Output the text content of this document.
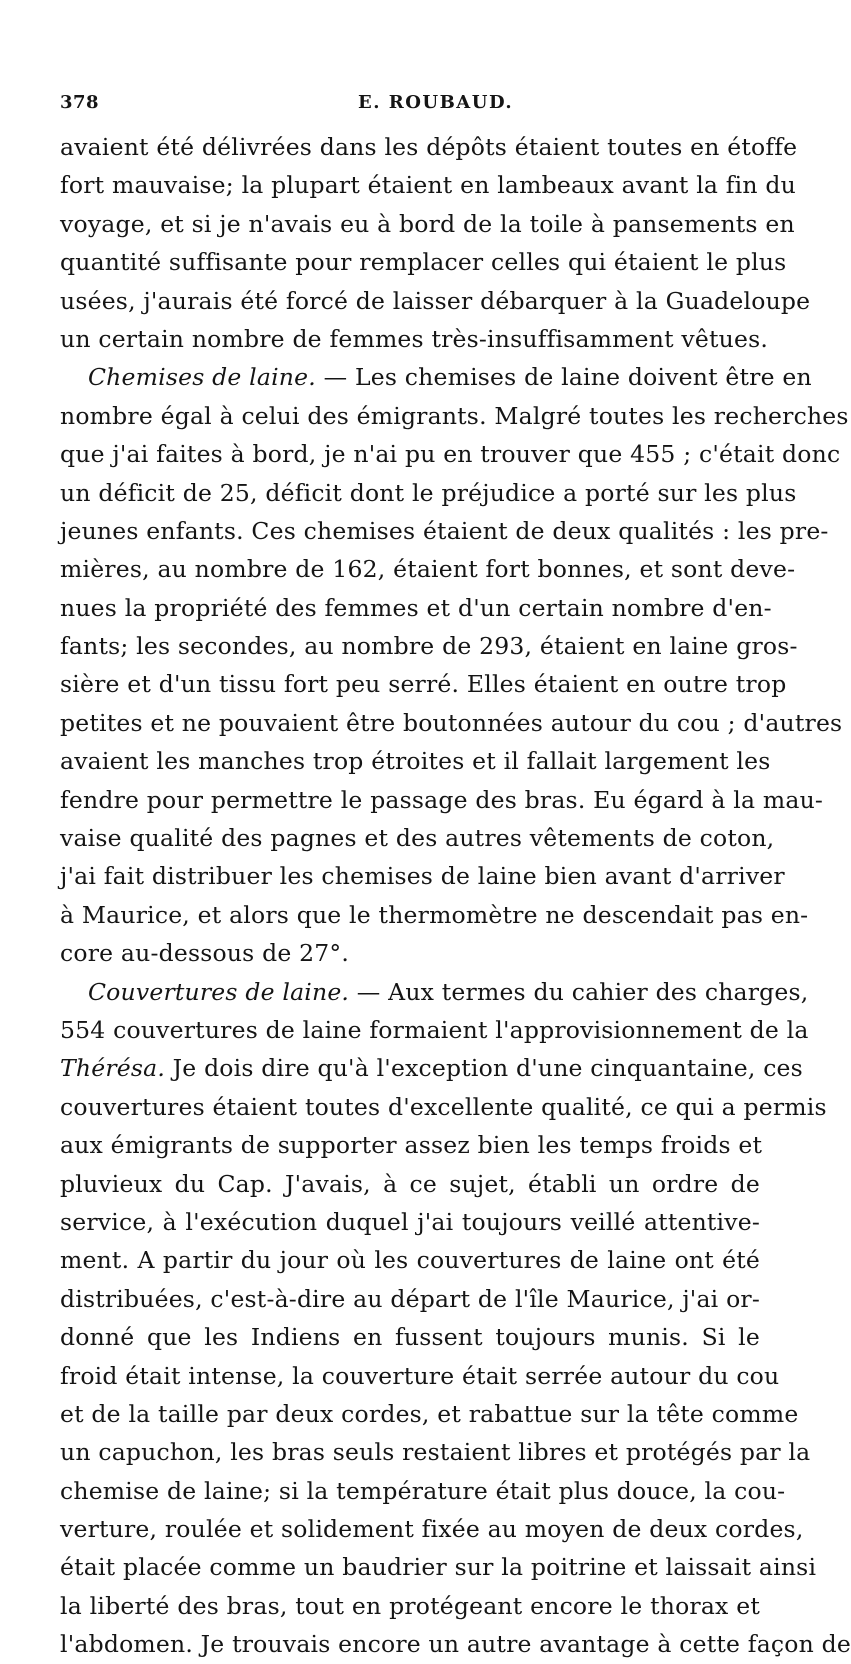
378	E. ROUBAUD.
avaient été délivrées dans les dépôts étaient toutes en étoffe
fort mauvaise; la plupart étaient en lambeaux avant la fin du
voyage, et si je n'avais eu à bord de la toile à pansements en
quantité suffisante pour remplacer celles qui étaient le plus
usées, j'aurais été forcé de laisser débarquer à la Guadeloupe
un certain nombre de femmes très-insuffisamment vêtues.
Chemises de laine. — Les chemises de laine doivent être en
nombre égal à celui des émigrants. Malgré toutes les recherches
que j'ai faites à bord, je n'ai pu en trouver que 455 ; c'était donc
un déficit de 25, déficit dont le préjudice a porté sur les plus
jeunes enfants. Ces chemises étaient de deux qualités : les pre-
mières, au nombre de 162, étaient fort bonnes, et sont deve-
nues la propriété des femmes et d'un certain nombre d'en-
fants; les secondes, au nombre de 293, étaient en laine gros-
sière et d'un tissu fort peu serré. Elles étaient en outre trop
petites et ne pouvaient être boutonnées autour du cou ; d'autres
avaient les manches trop étroites et il fallait largement les
fendre pour permettre le passage des bras. Eu égard à la mau-
vaise qualité des pagnes et des autres vêtements de coton,
j'ai fait distribuer les chemises de laine bien avant d'arriver
à Maurice, et alors que le thermomètre ne descendait pas en-
core au-dessous de 27°.
Couvertures de laine. — Aux termes du cahier des charges,
554 couvertures de laine formaient l'approvisionnement de la
Thérésa. Je dois dire qu'à l'exception d'une cinquantaine, ces
couvertures étaient toutes d'excellente qualité, ce qui a permis
aux émigrants de supporter assez bien les temps froids et
pluvieux du Cap. J'avais, à ce sujet, établi un ordre de
service, à l'exécution duquel j'ai toujours veillé attentive-
ment. A partir du jour où les couvertures de laine ont été
distribuées, c'est-à-dire au départ de l'île Maurice, j'ai or-
donné que les Indiens en fussent toujours munis. Si le
froid était intense, la couverture était serrée autour du cou
et de la taille par deux cordes, et rabattue sur la tête comme
un capuchon, les bras seuls restaient libres et protégés par la
chemise de laine; si la température était plus douce, la cou-
verture, roulée et solidement fixée au moyen de deux cordes,
était placée comme un baudrier sur la poitrine et laissait ainsi
la liberté des bras, tout en protégeant encore le thorax et
l'abdomen. Je trouvais encore un autre avantage à cette façon de
